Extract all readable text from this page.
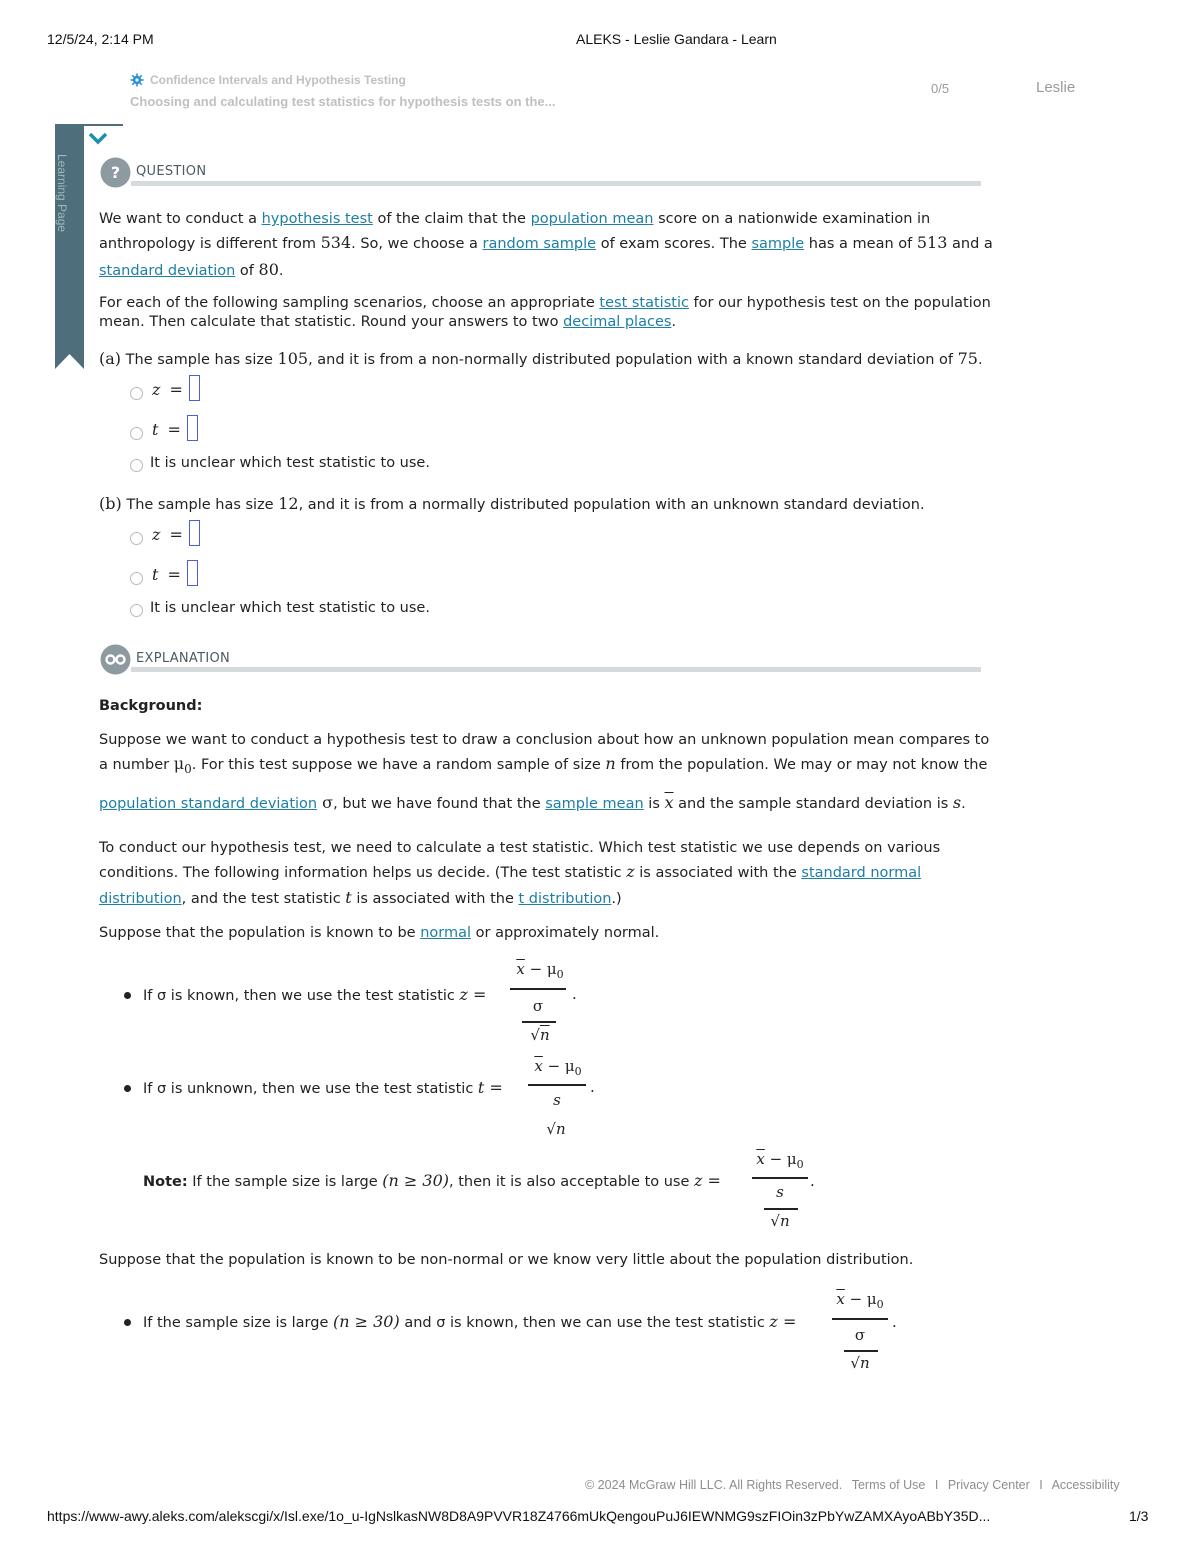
12/5/24, 2:14 PM	ALEKS - Leslie Gandara - Learn
Confidence Intervals and Hypothesis Testing
Choosing and calculating test statistics for hypothesis tests on the...
0/5	Leslie
Learning Page	? QUESTION
We want to conduct a hypothesis test of the claim that the population mean score on a nationwide examination in
anthropology is different from 534. So, we choose a random sample of exam scores. The sample has a mean of 513 and a
standard deviation of 80.
For each of the following sampling scenarios, choose an appropriate test statistic for our hypothesis test on the population
mean. Then calculate that statistic. Round your answers to two decimal places.
(a) The sample has size 105, and it is from a non-normally distributed population with a known standard deviation of 75.
z =
t =
It is unclear which test statistic to use.
(b) The sample has size 12, and it is from a normally distributed population with an unknown standard deviation.
z =
t =
It is unclear which test statistic to use.
EXPLANATION
Background:
Suppose we want to conduct a hypothesis test to draw a conclusion about how an unknown population mean compares to
a number $\mu_0$. For this test suppose we have a random sample of size n from the population. We may or may not know the
population standard deviation σ, but we have found that the sample mean is $\overline{x}$ and the sample standard deviation is s.
To conduct our hypothesis test, we need to calculate a test statistic. Which test statistic we use depends on various
conditions. The following information helps us decide. (The test statistic z is associated with the standard normal
distribution, and the test statistic t is associated with the t distribution.)
Suppose that the population is known to be normal or approximately normal.
If σ is known, then we use the test statistic z =
$\overline{x} - \mu_0$
σ
√n
.
If σ is unknown, then we use the test statistic t =
$\overline{x} - \mu_0$
s
√n
.
Note: If the sample size is large (n ≥ 30), then it is also acceptable to use z =
$\overline{x} - \mu_0$
s
√n
.
Suppose that the population is known to be non-normal or we know very little about the population distribution.
If the sample size is large (n ≥ 30) and σ is known, then we can use the test statistic z =
$\overline{x} - \mu_0$
σ
√n
.
© 2024 McGraw Hill LLC. All Rights Reserved. Terms of Use I Privacy Center I Accessibility
https://www-awy.aleks.com/alekscgi/x/Isl.exe/1o_u-IgNslkasNW8D8A9PVVR18Z4766mUkQengouPuJ6IEWNMG9szFIOin3zPbYwZAMXAyoABbY35D...	1/3
